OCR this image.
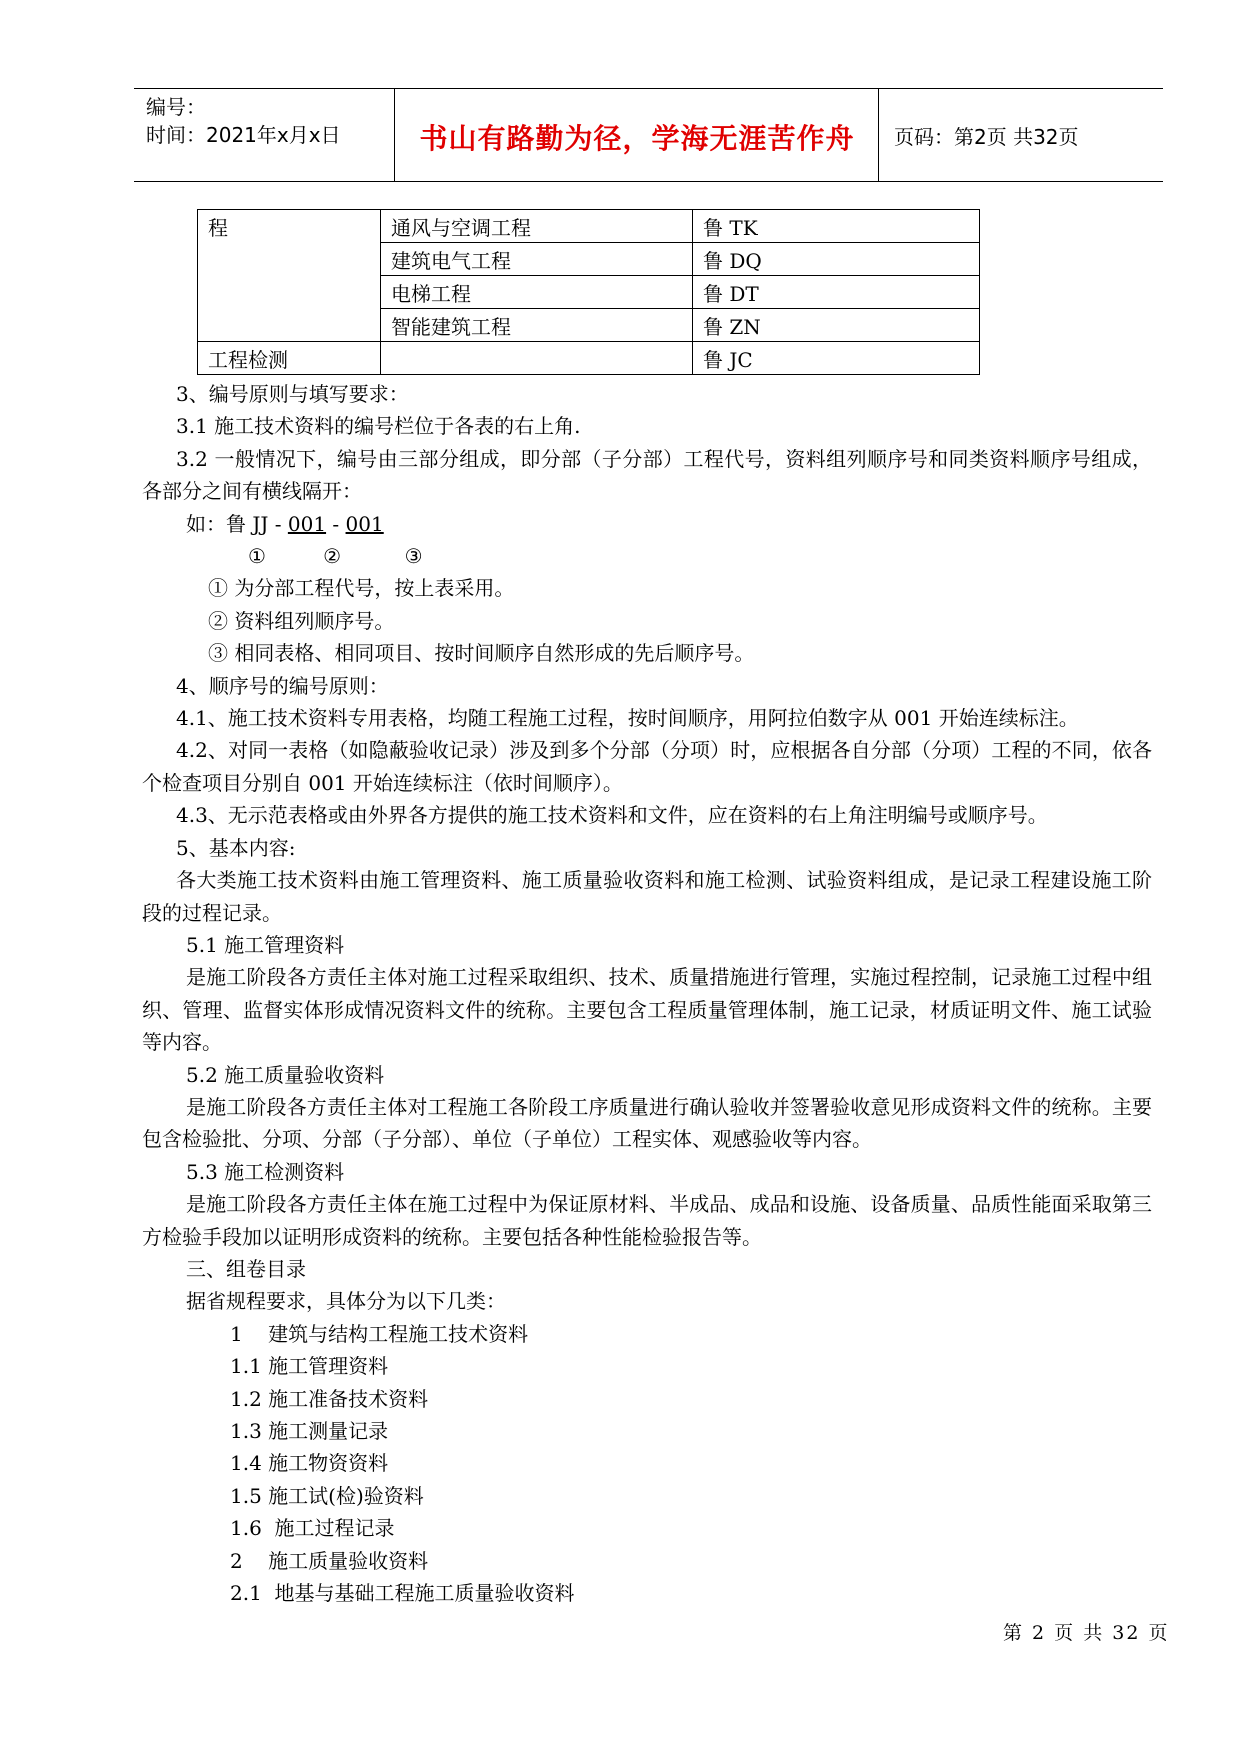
编号：
时间：2021年x月x日	书山有路勤为径，学海无涯苦作舟	页码：第2页 共32页
程	通风与空调工程	鲁 TK
	建筑电气工程	鲁 DQ
	电梯工程	鲁 DT
	智能建筑工程	鲁 ZN
工程检测		鲁 JC

3、编号原则与填写要求：

3.1 施工技术资料的编号栏位于各表的右上角.

3.2 一般情况下，编号由三部分组成，即分部（子分部）工程代号，资料组列顺序号和同类资料顺序号组成，各部分之间有横线隔开：

如：鲁 JJ - 001 - 001

①         ②          ③

① 为分部工程代号，按上表采用。

② 资料组列顺序号。

③ 相同表格、相同项目、按时间顺序自然形成的先后顺序号。

4、顺序号的编号原则：

4.1、施工技术资料专用表格，均随工程施工过程，按时间顺序，用阿拉伯数字从 001 开始连续标注。

4.2、对同一表格（如隐蔽验收记录）涉及到多个分部（分项）时，应根据各自分部（分项）工程的不同，依各个检查项目分别自 001 开始连续标注（依时间顺序）。

4.3、无示范表格或由外界各方提供的施工技术资料和文件，应在资料的右上角注明编号或顺序号。

5、基本内容:

各大类施工技术资料由施工管理资料、施工质量验收资料和施工检测、试验资料组成，是记录工程建设施工阶段的过程记录。

5.1 施工管理资料

是施工阶段各方责任主体对施工过程采取组织、技术、质量措施进行管理，实施过程控制，记录施工过程中组织、管理、监督实体形成情况资料文件的统称。主要包含工程质量管理体制，施工记录，材质证明文件、施工试验等内容。

5.2 施工质量验收资料

是施工阶段各方责任主体对工程施工各阶段工序质量进行确认验收并签署验收意见形成资料文件的统称。主要包含检验批、分项、分部（子分部）、单位（子单位）工程实体、观感验收等内容。

5.3 施工检测资料

是施工阶段各方责任主体在施工过程中为保证原材料、半成品、成品和设施、设备质量、品质性能面采取第三方检验手段加以证明形成资料的统称。主要包括各种性能检验报告等。

三、组卷目录

据省规程要求，具体分为以下几类：

1    建筑与结构工程施工技术资料

1.1 施工管理资料

1.2 施工准备技术资料

1.3 施工测量记录

1.4 施工物资资料

1.5 施工试(检)验资料

1.6  施工过程记录

2    施工质量验收资料

2.1  地基与基础工程施工质量验收资料

第 2 页 共 32 页
